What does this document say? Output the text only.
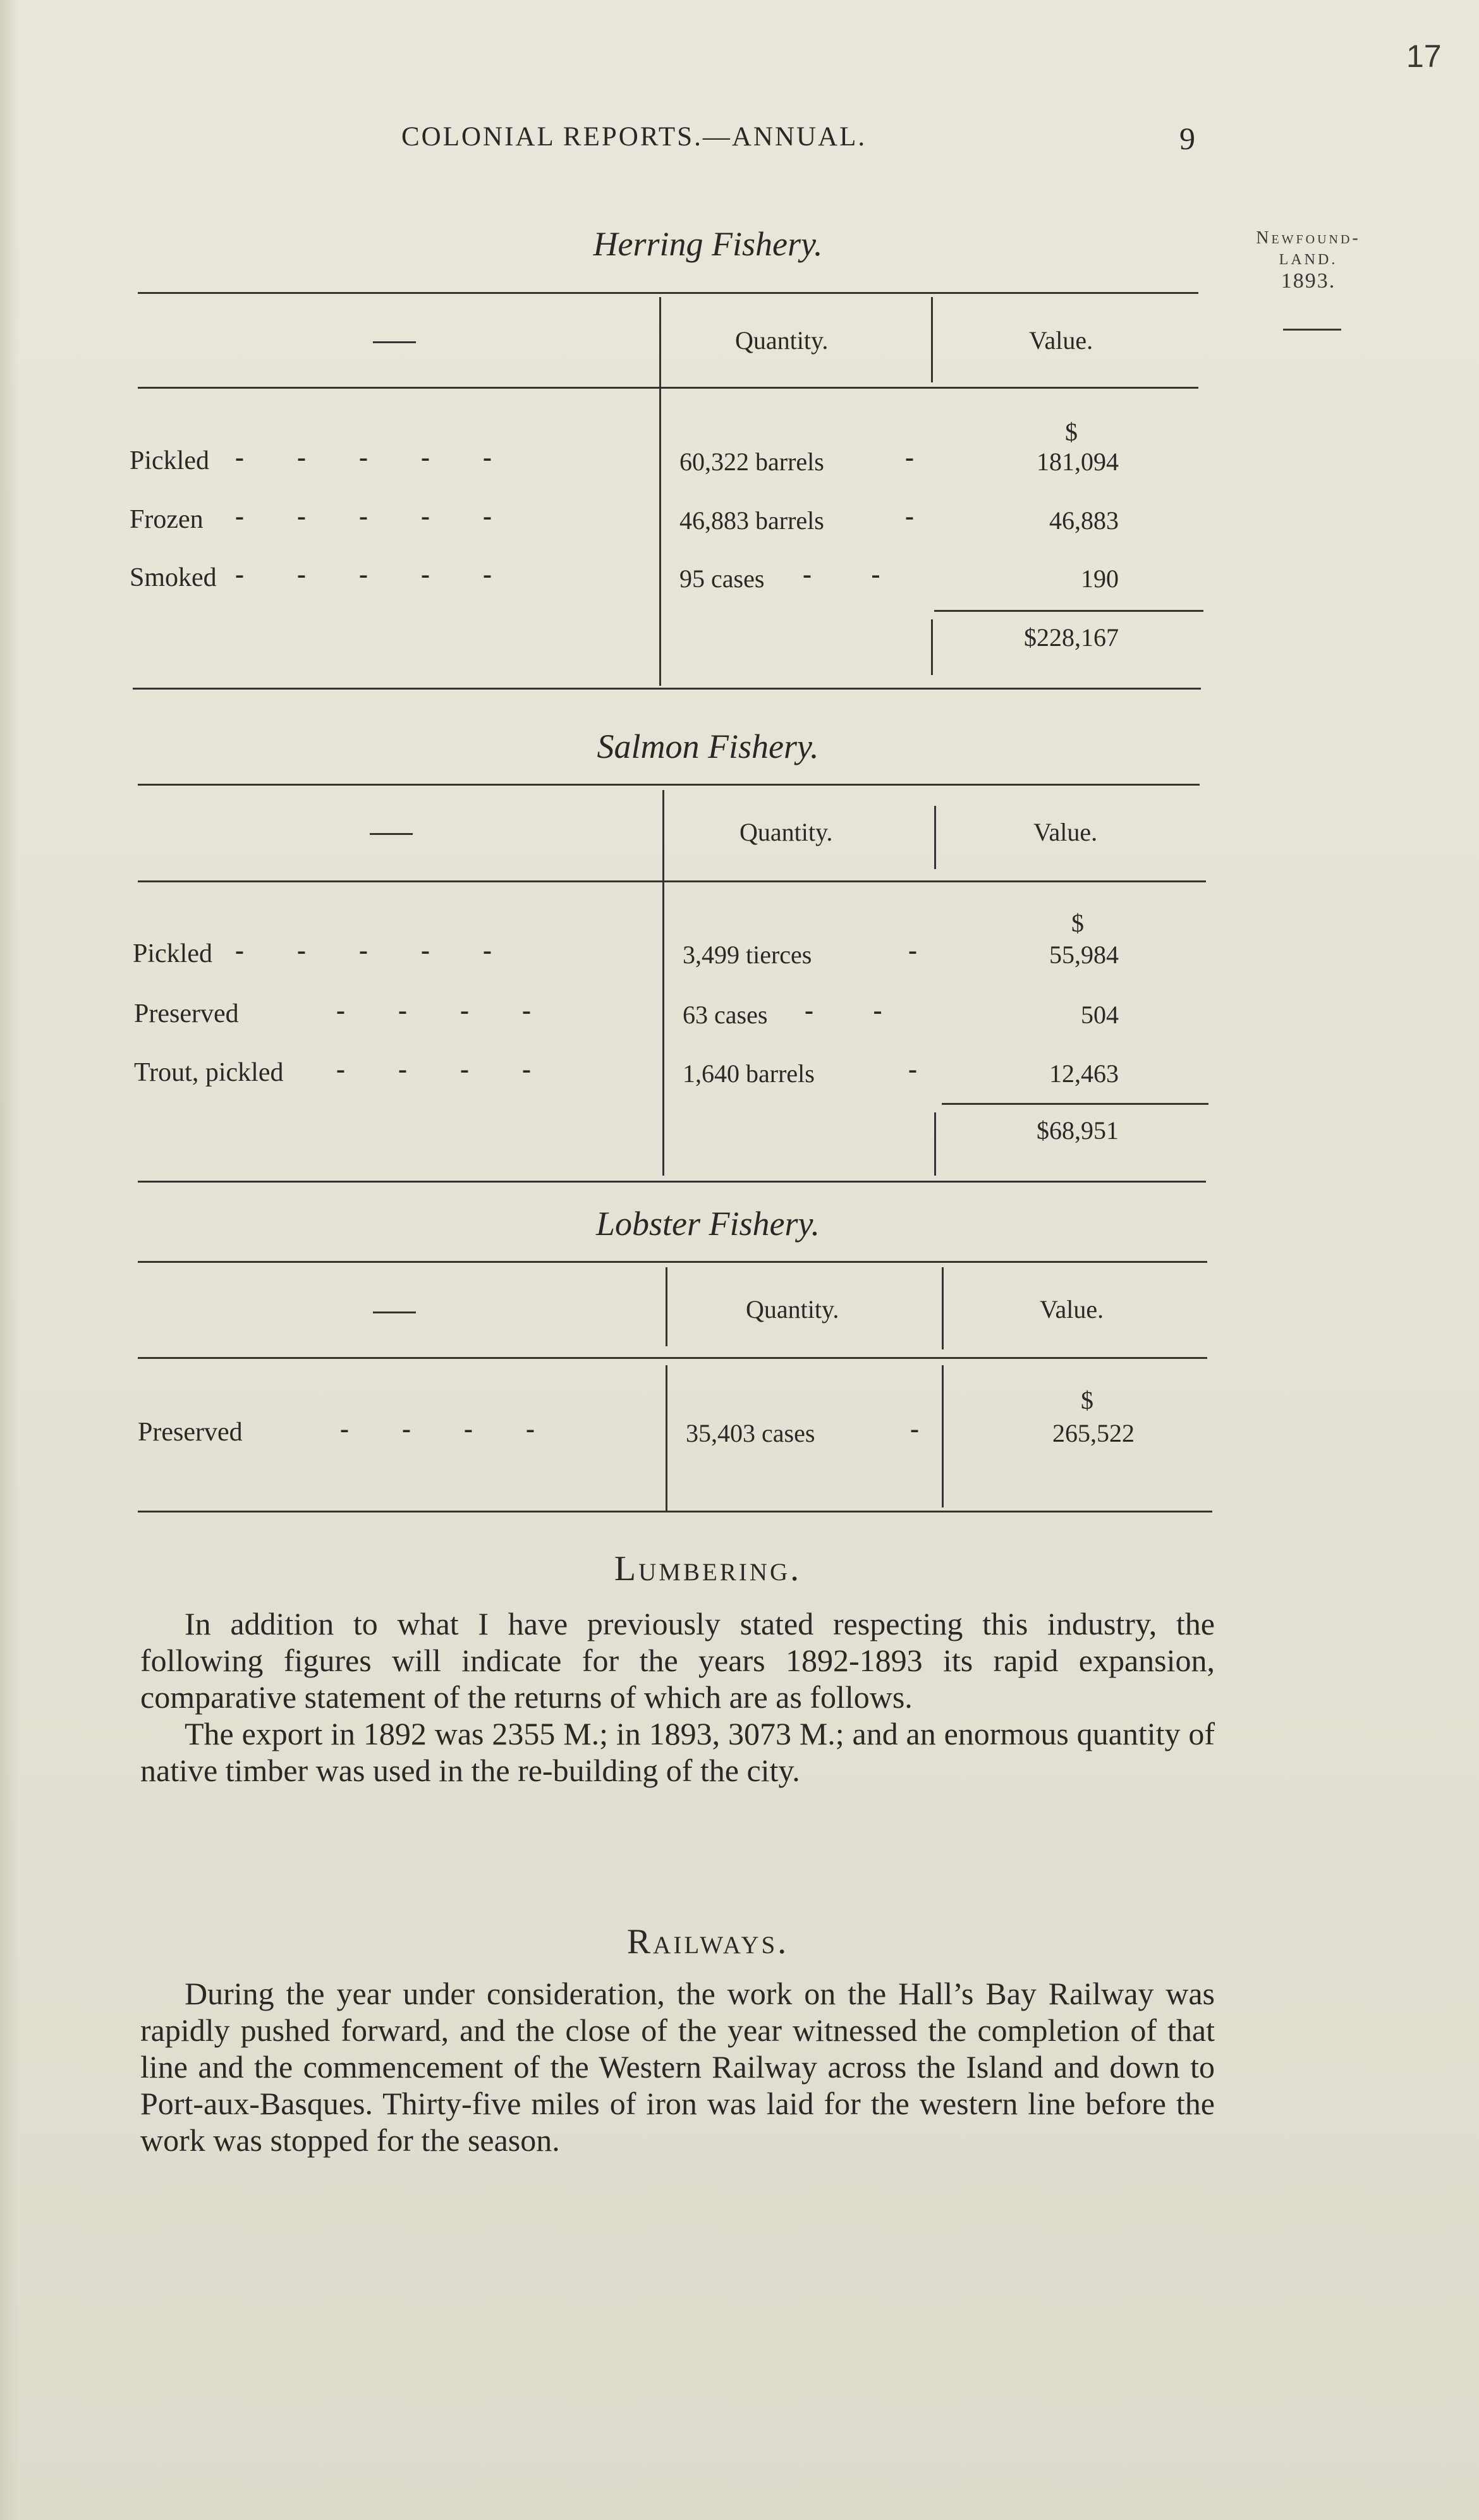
17
COLONIAL REPORTS.—ANNUAL.	9
Newfound-
LAND.
1893.
Herring Fishery.
Quantity.	Value.
$
Pickled -        -        -        -        -	60,322 barrels	-	181,094
Frozen -        -        -        -        -	46,883 barrels	-	46,883
Smoked -        -        -        -        -	95 cases -         -	190
$228,167
Salmon Fishery.
Quantity.	Value.
$
Pickled -        -        -        -        -	3,499 tierces	-	55,984
Preserved	-        -        -        -	63 cases -         -	504
Trout, pickled -        -        -        -	1,640 barrels	-	12,463
$68,951
Lobster Fishery.
Quantity.	Value.
$
Preserved	-        -        -        -	35,403 cases	-	265,522
Lumbering.

In addition to what I have previously stated respecting this industry, the following figures will indicate for the years 1892-1893 its rapid expansion, comparative statement of the returns of which are as follows.

The export in 1892 was 2355 M.; in 1893, 3073 M.; and an enormous quantity of native timber was used in the re-building of the city.

Railways.

During the year under consideration, the work on the Hall’s Bay Railway was rapidly pushed forward, and the close of the year witnessed the completion of that line and the commencement of the Western Railway across the Island and down to Port-aux-Basques. Thirty-five miles of iron was laid for the western line before the work was stopped for the season.
